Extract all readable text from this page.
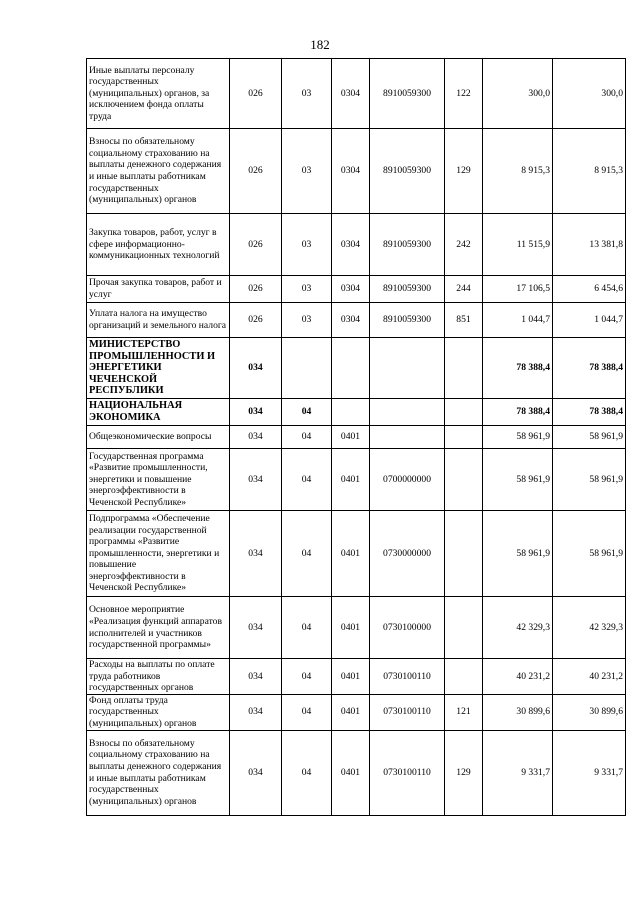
182
Иные выплаты персоналу государственных (муниципальных) органов, за исключением фонда оплаты труда	026	03	0304	8910059300	122	300,0	300,0
Взносы по обязательному социальному страхованию на выплаты денежного содержания и иные выплаты работникам государственных (муниципальных) органов	026	03	0304	8910059300	129	8 915,3	8 915,3
Закупка товаров, работ, услуг в сфере информационно-коммуникационных технологий	026	03	0304	8910059300	242	11 515,9	13 381,8
Прочая закупка товаров, работ и услуг	026	03	0304	8910059300	244	17 106,5	6 454,6
Уплата налога на имущество организаций и земельного налога	026	03	0304	8910059300	851	1 044,7	1 044,7
МИНИСТЕРСТВО ПРОМЫШЛЕННОСТИ И ЭНЕРГЕТИКИ ЧЕЧЕНСКОЙ РЕСПУБЛИКИ	034					78 388,4	78 388,4
НАЦИОНАЛЬНАЯ ЭКОНОМИКА	034	04				78 388,4	78 388,4
Общеэкономические вопросы	034	04	0401			58 961,9	58 961,9
Государственная программа «Развитие промышленности, энергетики и повышение энергоэффективности в Чеченской Республике»	034	04	0401	0700000000		58 961,9	58 961,9
Подпрограмма «Обеспечение реализации государственной программы «Развитие промышленности, энергетики и повышение энергоэффективности в Чеченской Республике»	034	04	0401	0730000000		58 961,9	58 961,9
Основное мероприятие «Реализация функций аппаратов исполнителей и участников государственной программы»	034	04	0401	0730100000		42 329,3	42 329,3
Расходы на выплаты по оплате труда работников государственных органов	034	04	0401	0730100110		40 231,2	40 231,2
Фонд оплаты труда государственных (муниципальных) органов	034	04	0401	0730100110	121	30 899,6	30 899,6
Взносы по обязательному социальному страхованию на выплаты денежного содержания и иные выплаты работникам государственных (муниципальных) органов	034	04	0401	0730100110	129	9 331,7	9 331,7
